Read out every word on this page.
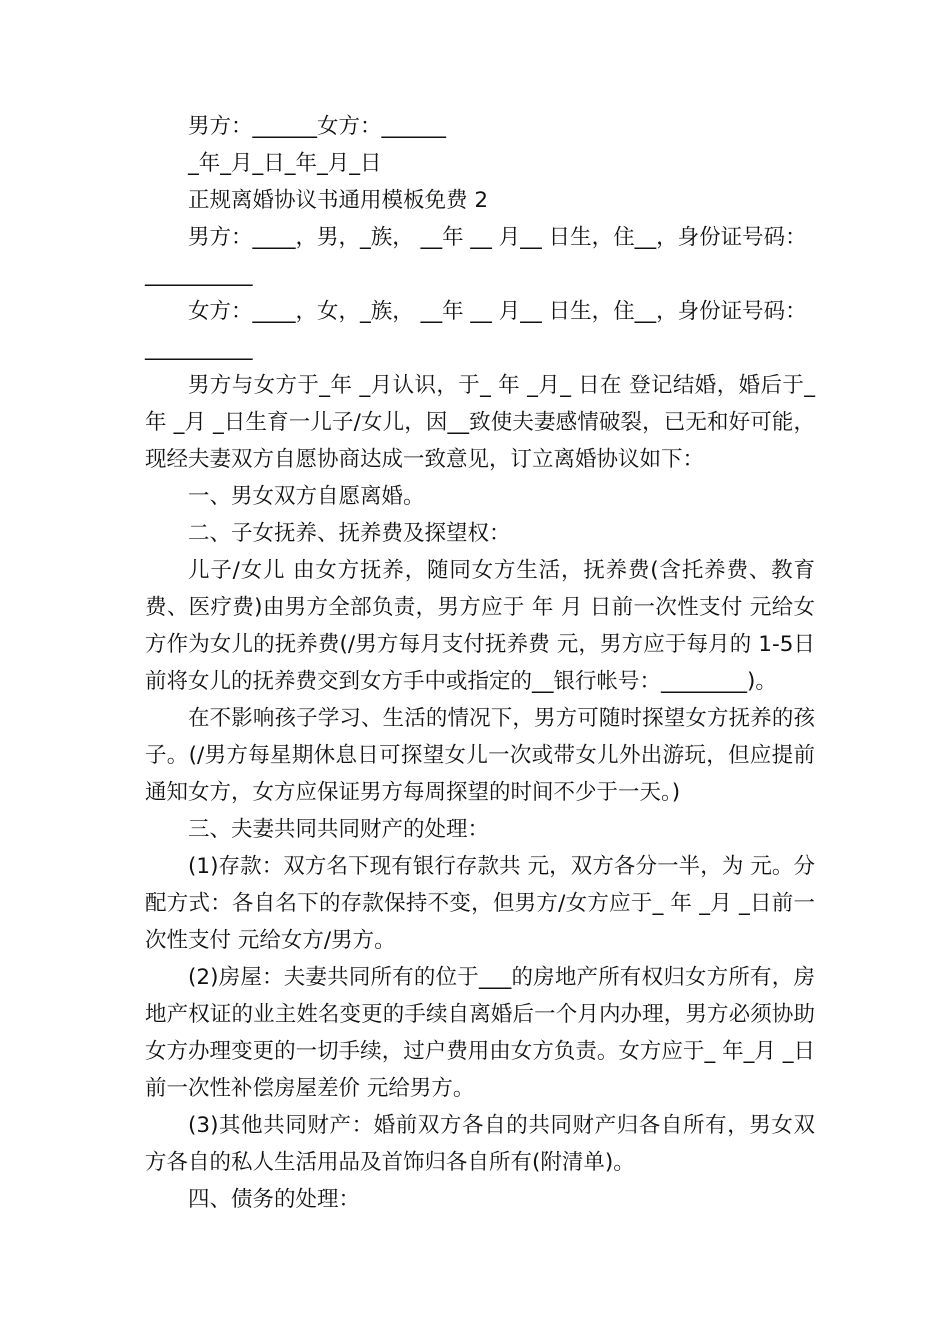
男方：______女方：______

_年_月_日_年_月_日

正规离婚协议书通用模板免费 2

男方：____，男，_族， __年 __ 月__ 日生，住__，身份证号码：

__________

女方：____，女，_族， __年 __ 月__ 日生，住__，身份证号码：

__________

男方与女方于_年 _月认识，于_ 年 _月_ 日在 登记结婚，婚后于_年 _月 _日生育一儿子/女儿，因__致使夫妻感情破裂，已无和好可能，现经夫妻双方自愿协商达成一致意见，订立离婚协议如下：

一、男女双方自愿离婚。

二、子女抚养、抚养费及探望权：

儿子/女儿 由女方抚养，随同女方生活，抚养费(含托养费、教育费、医疗费)由男方全部负责，男方应于 年 月 日前一次性支付 元给女方作为女儿的抚养费(/男方每月支付抚养费 元，男方应于每月的 1-5日前将女儿的抚养费交到女方手中或指定的__银行帐号：________)。

在不影响孩子学习、生活的情况下，男方可随时探望女方抚养的孩子。(/男方每星期休息日可探望女儿一次或带女儿外出游玩，但应提前通知女方，女方应保证男方每周探望的时间不少于一天。)

三、夫妻共同共同财产的处理：

(1)存款：双方名下现有银行存款共 元，双方各分一半，为 元。分配方式：各自名下的存款保持不变，但男方/女方应于_ 年 _月 _日前一次性支付 元给女方/男方。

(2)房屋：夫妻共同所有的位于___的房地产所有权归女方所有，房地产权证的业主姓名变更的手续自离婚后一个月内办理，男方必须协助女方办理变更的一切手续，过户费用由女方负责。女方应于_ 年_月 _日前一次性补偿房屋差价 元给男方。

(3)其他共同财产：婚前双方各自的共同财产归各自所有，男女双方各自的私人生活用品及首饰归各自所有(附清单)。

四、债务的处理：
